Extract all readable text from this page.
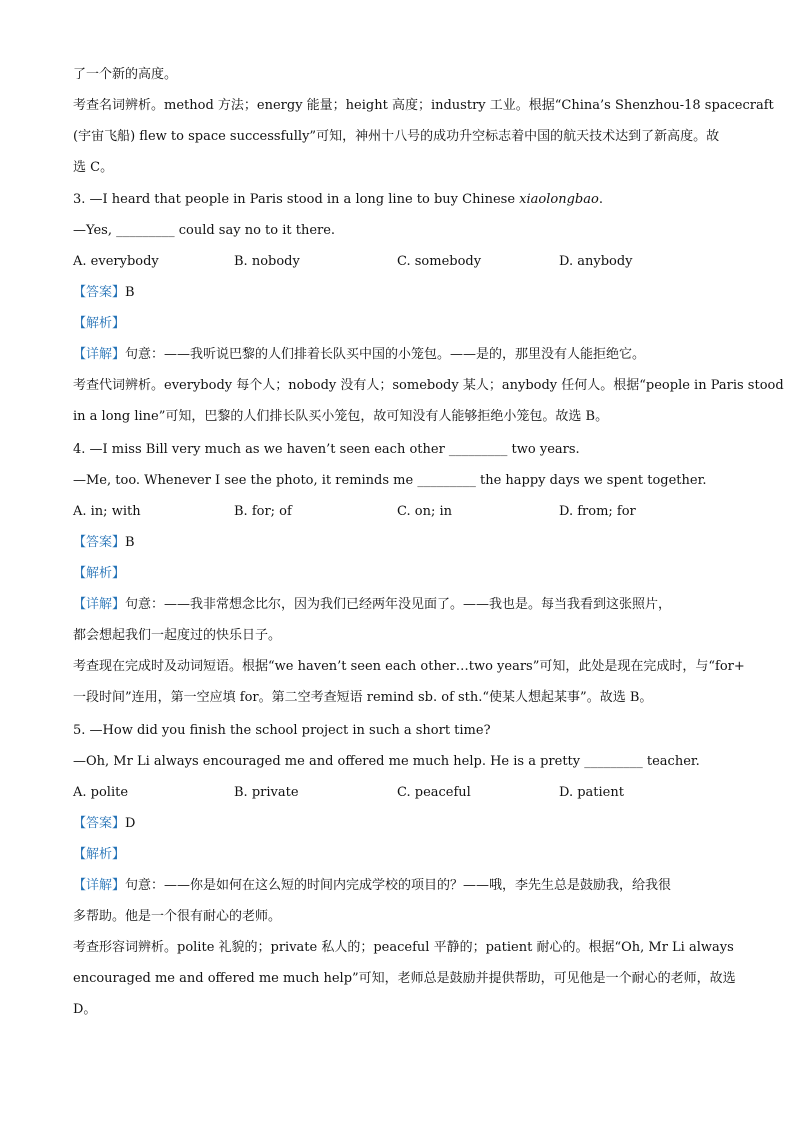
了一个新的高度。
考查名词辨析。method 方法；energy 能量；height 高度；industry 工业。根据“China’s Shenzhou-18 spacecraft
(宇宙飞船) flew to space successfully”可知，神州十八号的成功升空标志着中国的航天技术达到了新高度。故
选 C。
3. —I heard that people in Paris stood in a long line to buy Chinese xiaolongbao.
—Yes, _________ could say no to it there.
A. everybody	B. nobody	C. somebody	D. anybody
【答案】B
【解析】
【详解】句意：——我听说巴黎的人们排着长队买中国的小笼包。——是的，那里没有人能拒绝它。
考查代词辨析。everybody 每个人；nobody 没有人；somebody 某人；anybody 任何人。根据“people in Paris stood
in a long line”可知，巴黎的人们排长队买小笼包，故可知没有人能够拒绝小笼包。故选 B。
4. —I miss Bill very much as we haven’t seen each other _________ two years.
—Me, too. Whenever I see the photo, it reminds me _________ the happy days we spent together.
A. in; with	B. for; of	C. on; in	D. from; for
【答案】B
【解析】
【详解】句意：——我非常想念比尔，因为我们已经两年没见面了。——我也是。每当我看到这张照片，
都会想起我们一起度过的快乐日子。
考查现在完成时及动词短语。根据“we haven’t seen each other…two years”可知，此处是现在完成时，与“for+
一段时间”连用，第一空应填 for。第二空考查短语 remind sb. of sth.“使某人想起某事”。故选 B。
5. —How did you finish the school project in such a short time?
—Oh, Mr Li always encouraged me and offered me much help. He is a pretty _________ teacher.
A. polite	B. private	C. peaceful	D. patient
【答案】D
【解析】
【详解】句意：——你是如何在这么短的时间内完成学校的项目的？——哦，李先生总是鼓励我，给我很
多帮助。他是一个很有耐心的老师。
考查形容词辨析。polite 礼貌的；private 私人的；peaceful 平静的；patient 耐心的。根据“Oh, Mr Li always
encouraged me and offered me much help”可知，老师总是鼓励并提供帮助，可见他是一个耐心的老师，故选
D。
